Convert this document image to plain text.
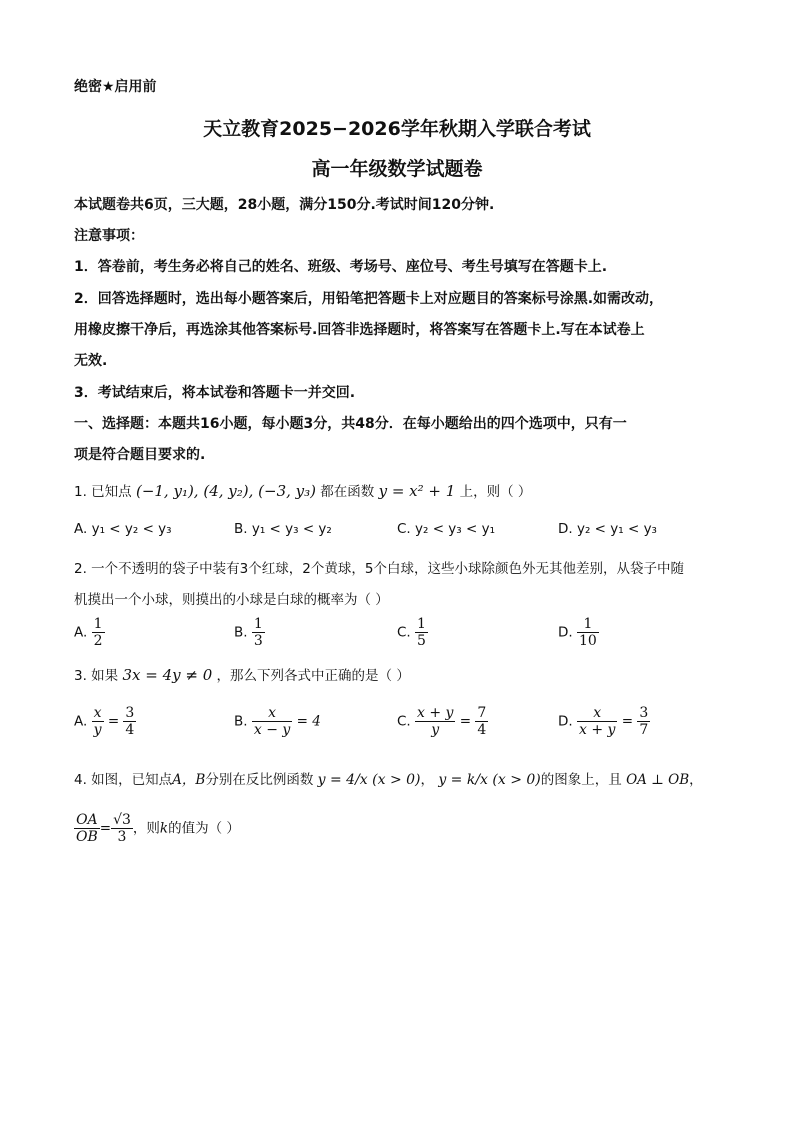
绝密★启用前
天立教育2025−2026学年秋期入学联合考试
高一年级数学试题卷
本试题卷共6页，三大题，28小题，满分150分.考试时间120分钟.
注意事项：
1．答卷前，考生务必将自己的姓名、班级、考场号、座位号、考生号填写在答题卡上.
2．回答选择题时，选出每小题答案后，用铅笔把答题卡上对应题目的答案标号涂黑.如需改动，
用橡皮擦干净后，再选涂其他答案标号.回答非选择题时，将答案写在答题卡上.写在本试卷上
无效.
3．考试结束后，将本试卷和答题卡一并交回.
一、选择题：本题共16小题，每小题3分，共48分．在每小题给出的四个选项中，只有一
项是符合题目要求的.
1. 已知点 (−1, y₁), (4, y₂), (−3, y₃) 都在函数 y = x² + 1 上，则（ ）
A. y₁ < y₂ < y₃	B. y₁ < y₃ < y₂	C. y₂ < y₃ < y₁	D. y₂ < y₁ < y₃
2. 一个不透明的袋子中装有3个红球，2个黄球，5个白球，这些小球除颜色外无其他差别，从袋子中随
机摸出一个小球，则摸出的小球是白球的概率为（ ）
A. $\frac{1}{2}$	B. $\frac{1}{3}$	C. $\frac{1}{5}$	D. $\frac{1}{10}$
3. 如果 3x = 4y ≠ 0 ，那么下列各式中正确的是（ ）
A. $\frac{x}{y} = \frac{3}{4}$	B. $\frac{x}{x - y} = 4$	C. $\frac{x + y}{y} = \frac{7}{4}$	D. $\frac{x}{x + y} = \frac{3}{7}$
4. 如图，已知点A，B分别在反比例函数 y = 4/x (x > 0)， y = k/x (x > 0)的图象上，且 OA ⊥ OB，
$\frac{OA}{OB} = \frac{√3}{3}$ ，则k的值为（ ）
